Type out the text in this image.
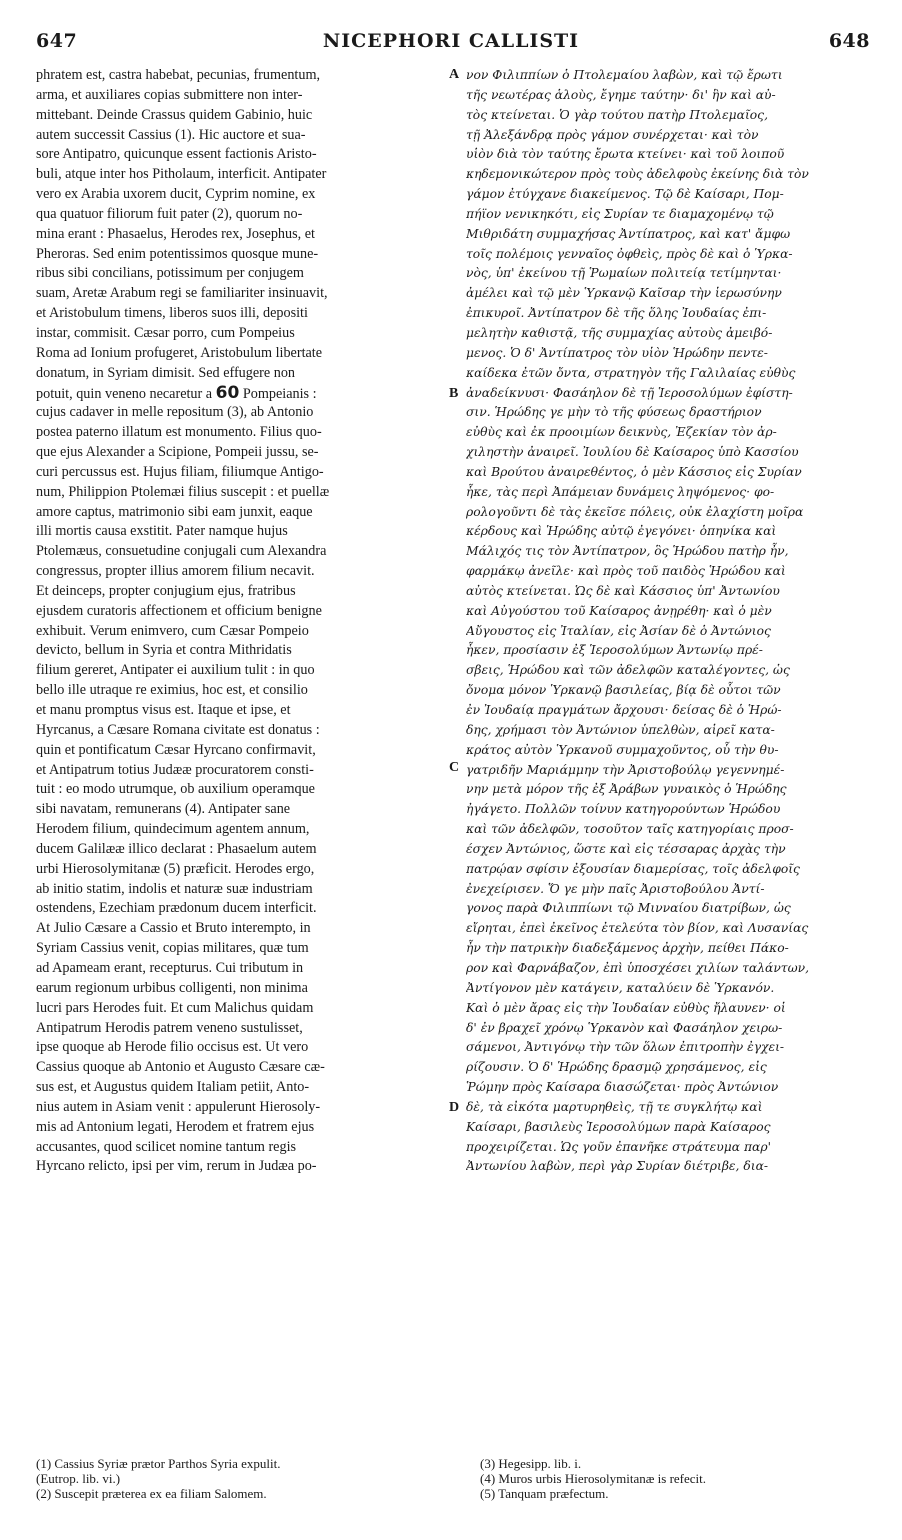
647	NICEPHORI CALLISTI	648
phratem est, castra habebat, pecunias, frumentum,
arma, et auxiliares copias submittere non inter-
mittebant. Deinde Crassus quidem Gabinio, huic
autem successit Cassius (1). Hic auctore et sua-
sore Antipatro, quicunque essent factionis Aristo-
buli, atque inter hos Pitholaum, interficit. Antipater
vero ex Arabia uxorem ducit, Cyprim nomine, ex
qua quatuor filiorum fuit pater (2), quorum no-
mina erant : Phasaelus, Herodes rex, Josephus, et
Pheroras. Sed enim potentissimos quosque mune-
ribus sibi concilians, potissimum per conjugem
suam, Aretæ Arabum regi se familiariter insinuavit,
et Aristobulum timens, liberos suos illi, depositi
instar, commisit. Cæsar porro, cum Pompeius
Roma ad Ionium profugeret, Aristobulum libertate
donatum, in Syriam dimisit. Sed effugere non
potuit, quin veneno necaretur a 60 Pompeianis :
cujus cadaver in melle repositum (3), ab Antonio
postea paterno illatum est monumento. Filius quo-
que ejus Alexander a Scipione, Pompeii jussu, se-
curi percussus est. Hujus filiam, filiumque Antigo-
num, Philippion Ptolemæi filius suscepit : et puellæ
amore captus, matrimonio sibi eam junxit, eaque
illi mortis causa exstitit. Pater namque hujus
Ptolemæus, consuetudine conjugali cum Alexandra
congressus, propter illius amorem filium necavit.
Et deinceps, propter conjugium ejus, fratribus
ejusdem curatoris affectionem et officium benigne
exhibuit. Verum enimvero, cum Cæsar Pompeio
devicto, bellum in Syria et contra Mithridatis
filium gereret, Antipater ei auxilium tulit : in quo
bello ille utraque re eximius, hoc est, et consilio
et manu promptus visus est. Itaque et ipse, et
Hyrcanus, a Cæsare Romana civitate est donatus :
quin et pontificatum Cæsar Hyrcano confirmavit,
et Antipatrum totius Judææ procuratorem consti-
tuit : eo modo utrumque, ob auxilium operamque
sibi navatam, remunerans (4). Antipater sane
Herodem filium, quindecimum agentem annum,
ducem Galilææ illico declarat : Phasaelum autem
urbi Hierosolymitanæ (5) præficit. Herodes ergo,
ab initio statim, indolis et naturæ suæ industriam
ostendens, Ezechiam prædonum ducem interficit.
At Julio Cæsare a Cassio et Bruto interempto, in
Syriam Cassius venit, copias militares, quæ tum
ad Apameam erant, recepturus. Cui tributum in
earum regionum urbibus colligenti, non minima
lucri pars Herodes fuit. Et cum Malichus quidam
Antipatrum Herodis patrem veneno sustulisset,
ipse quoque ab Herode filio occisus est. Ut vero
Cassius quoque ab Antonio et Augusto Cæsare cæ-
sus est, et Augustus quidem Italiam petiit, Anto-
nius autem in Asiam venit : appulerunt Hierosoly-
mis ad Antonium legati, Herodem et fratrem ejus
accusantes, quod scilicet nomine tantum regis
Hyrcano relicto, ipsi per vim, rerum in Judæa po-
νον Φιλιππίων ὁ Πτολεμαίου λαβὼν, καὶ τῷ ἔρωτι
τῆς νεωτέρας ἁλοὺς, ἔγημε ταύτην· δι' ἣν καὶ αὐ-
τὸς κτείνεται. Ὁ γὰρ τούτου πατὴρ Πτολεμαῖος,
τῇ Ἀλεξάνδρᾳ πρὸς γάμον συνέρχεται· καὶ τὸν
υἱὸν διὰ τὸν ταύτης ἔρωτα κτείνει· καὶ τοῦ λοιποῦ
κηδεμονικώτερον πρὸς τοὺς ἀδελφοὺς ἐκείνης διὰ τὸν
γάμον ἐτύγχανε διακείμενος. Τῷ δὲ Καίσαρι, Πομ-
πήϊον νενικηκότι, εἰς Συρίαν τε διαμαχομένῳ τῷ
Μιθριδάτη συμμαχήσας Ἀντίπατρος, καὶ κατ' ἄμφω
τοῖς πολέμοις γενναῖος ὀφθεὶς, πρὸς δὲ καὶ ὁ Ὑρκα-
νὸς, ὑπ' ἐκείνου τῇ Ῥωμαίων πολιτείᾳ τετίμηνται·
ἀμέλει καὶ τῷ μὲν Ὑρκανῷ Καῖσαρ τὴν ἱερωσύνην
ἐπικυροῖ. Ἀντίπατρον δὲ τῆς ὅλης Ἰουδαίας ἐπι-
μελητὴν καθιστᾷ, τῆς συμμαχίας αὐτοὺς ἀμειβό-
μενος. Ὁ δ' Ἀντίπατρος τὸν υἱὸν Ἡρώδην πεντε-
καίδεκα ἐτῶν ὄντα, στρατηγὸν τῆς Γαλιλαίας εὐθὺς
ἀναδείκνυσι· Φασάηλον δὲ τῇ Ἱεροσολύμων ἐφίστη-
σιν. Ἡρώδης γε μὴν τὸ τῆς φύσεως δραστήριον
εὐθὺς καὶ ἐκ προοιμίων δεικνὺς, Ἐζεκίαν τὸν ἀρ-
χιληστὴν ἀναιρεῖ. Ἰουλίου δὲ Καίσαρος ὑπὸ Κασσίου
καὶ Βρούτου ἀναιρεθέντος, ὁ μὲν Κάσσιος εἰς Συρίαν
ἧκε, τὰς περὶ Ἀπάμειαν δυνάμεις ληψόμενος· φο-
ρολογοῦντι δὲ τὰς ἐκεῖσε πόλεις, οὐκ ἐλαχίστη μοῖρα
κέρδους καὶ Ἡρώδης αὐτῷ ἐγεγόνει· ὁπηνίκα καὶ
Μάλιχός τις τὸν Ἀντίπατρον, ὃς Ἡρώδου πατὴρ ἦν,
φαρμάκῳ ἀνεῖλε· καὶ πρὸς τοῦ παιδὸς Ἡρώδου καὶ
αὐτὸς κτείνεται. Ὡς δὲ καὶ Κάσσιος ὑπ' Ἀντωνίου
καὶ Αὐγούστου τοῦ Καίσαρος ἀνῃρέθη· καὶ ὁ μὲν
Αὔγουστος εἰς Ἰταλίαν, εἰς Ἀσίαν δὲ ὁ Ἀντώνιος
ἧκεν, προσίασιν ἐξ Ἱεροσολύμων Ἀντωνίῳ πρέ-
σβεις, Ἡρώδου καὶ τῶν ἀδελφῶν καταλέγοντες, ὡς
ὄνομα μόνον Ὑρκανῷ βασιλείας, βίᾳ δὲ οὗτοι τῶν
ἐν Ἰουδαίᾳ πραγμάτων ἄρχουσι· δείσας δὲ ὁ Ἡρώ-
δης, χρήμασι τὸν Ἀντώνιον ὑπελθὼν, αἱρεῖ κατα-
κράτος αὐτὸν Ὑρκανοῦ συμμαχοῦντος, οὗ τὴν θυ-
γατριδῆν Μαριάμμην τὴν Ἀριστοβούλῳ γεγεννημέ-
νην μετὰ μόρον τῆς ἐξ Ἀράβων γυναικὸς ὁ Ἡρώδης
ἠγάγετο. Πολλῶν τοίνυν κατηγορούντων Ἡρώδου
καὶ τῶν ἀδελφῶν, τοσοῦτον ταῖς κατηγορίαις προσ-
έσχεν Ἀντώνιος, ὥστε καὶ εἰς τέσσαρας ἀρχὰς τὴν
πατρῴαν σφίσιν ἐξουσίαν διαμερίσας, τοῖς ἀδελφοῖς
ἐνεχείρισεν. Ὅ γε μὴν παῖς Ἀριστοβούλου Ἀντί-
γονος παρὰ Φιλιππίωνι τῷ Μινναίου διατρίβων, ὡς
εἴρηται, ἐπεὶ ἐκεῖνος ἐτελεύτα τὸν βίον, καὶ Λυσανίας
ἦν τὴν πατρικὴν διαδεξάμενος ἀρχὴν, πείθει Πάκο-
ρον καὶ Φαρνάβαζον, ἐπὶ ὑποσχέσει χιλίων ταλάντων,
Ἀντίγονον μὲν κατάγειν, καταλύειν δὲ Ὑρκανόν.
Καὶ ὁ μὲν ἄρας εἰς τὴν Ἰουδαίαν εὐθὺς ἤλαυνεν· οἱ
δ' ἐν βραχεῖ χρόνῳ Ὑρκανὸν καὶ Φασάηλον χειρω-
σάμενοι, Ἀντιγόνῳ τὴν τῶν ὅλων ἐπιτροπὴν ἐγχει-
ρίζουσιν. Ὁ δ' Ἡρώδης δρασμῷ χρησάμενος, εἰς
Ῥώμην πρὸς Καίσαρα διασώζεται· πρὸς Ἀντώνιον
δὲ, τὰ εἰκότα μαρτυρηθεὶς, τῇ τε συγκλήτῳ καὶ
Καίσαρι, βασιλεὺς Ἱεροσολύμων παρὰ Καίσαρος
προχειρίζεται. Ὡς γοῦν ἐπανῆκε στράτευμα παρ'
Ἀντωνίου λαβὼν, περὶ γὰρ Συρίαν διέτριβε, δια-
A
B
C
D
(1) Cassius Syriæ prætor Parthos Syria expulit.
(Eutrop. lib. vi.)
(2) Suscepit præterea ex ea filiam Salomem.
(3) Hegesipp. lib. i.
(4) Muros urbis Hierosolymitanæ is refecit.
(5) Tanquam præfectum.
